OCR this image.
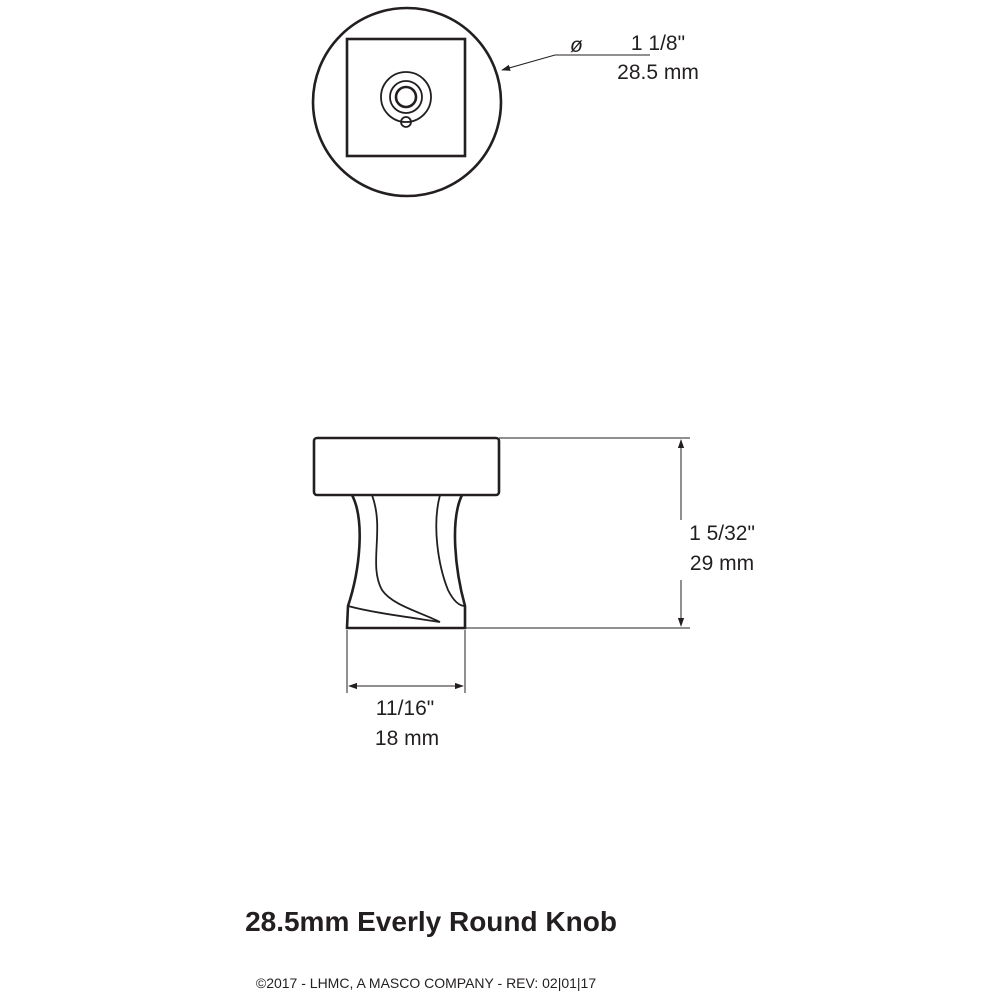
ø 1 1/8"
28.5 mm
1 5/32"
29 mm
11/16"
18 mm
28.5mm Everly Round Knob
©2017 - LHMC, A MASCO COMPANY - REV: 02|01|17
